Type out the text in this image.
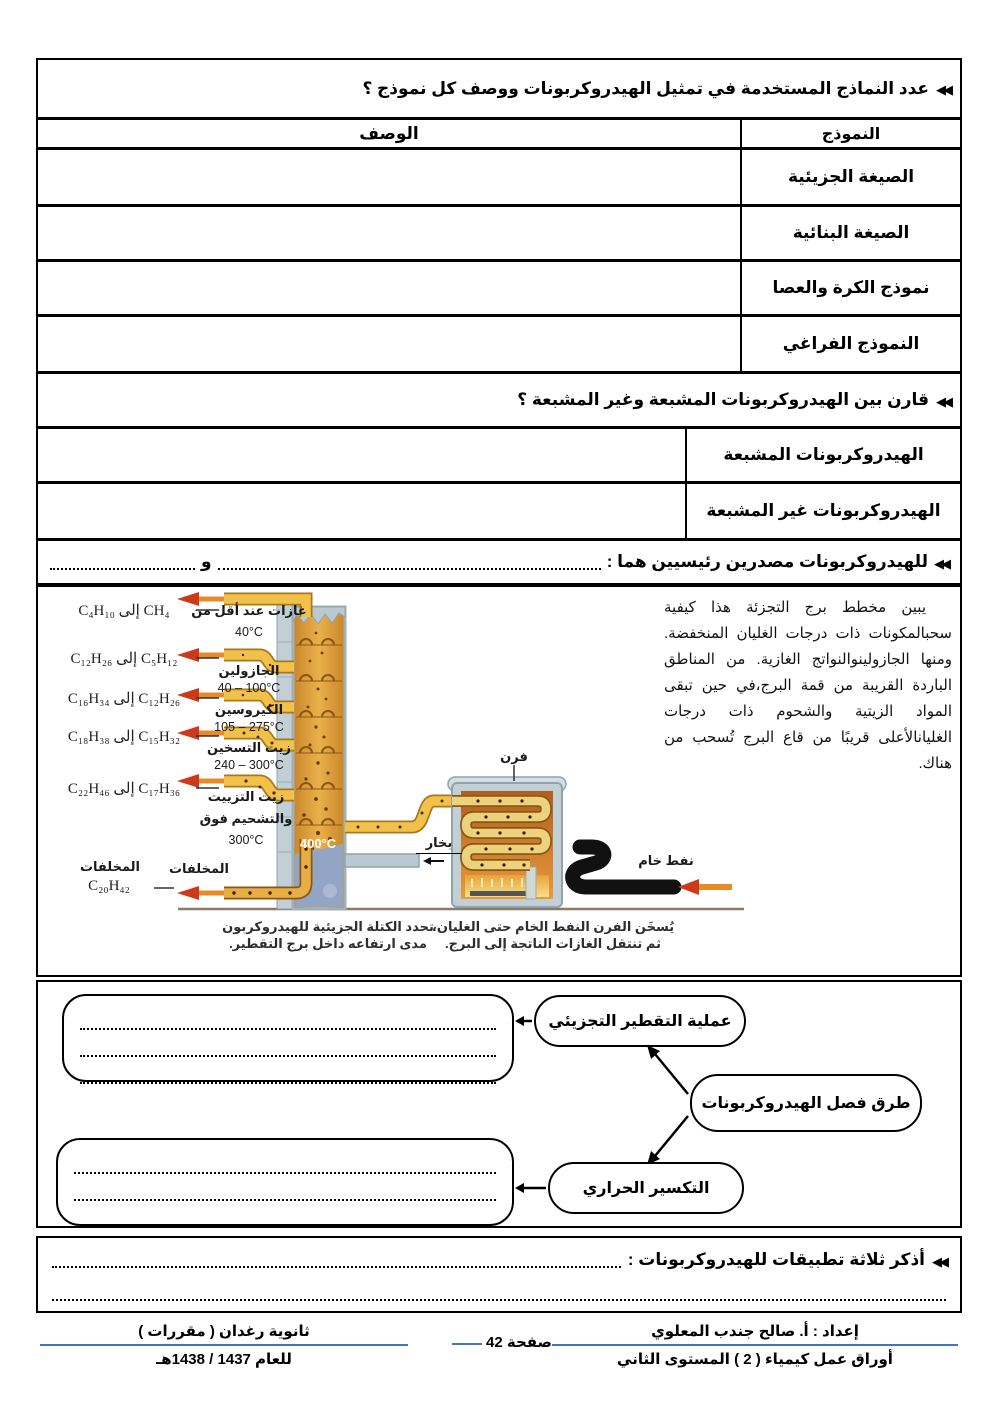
◀◀
عدد النماذج المستخدمة في تمثيل الهيدروكربونات ووصف كل نموذج ؟
النموذج
الوصف
الصيغة الجزيئية
الصيغة البنائية
نموذج الكرة والعصا
النموذج الفراغي
◀◀
قارن بين الهيدروكربونات المشبعة وغير المشبعة ؟
الهيدروكربونات المشبعة
الهيدروكربونات غير المشبعة
◀◀
للهيدروكربونات مصدرين رئيسيين هما :
و
يبين مخطط برج التجزئة هذا كيفية سحبالمكونات ذات درجات الغليان المنخفضة. ومنها الجازولينوالنواتج الغازية. من المناطق الباردة القريبة من قمة البرج،في حين تبقى المواد الزيتية والشحوم ذات درجات الغليانالأعلى قريبًا من قاع البرج تُسحب من هناك.
CH₄ إلى C₄H₁₀
C₅H₁₂ إلى C₁₂H₂₆
C₁₂H₂₆ إلى C₁₆H₃₄
C₁₅H₃₂ إلى C₁₈H₃₈
C₁₇H₃₆ إلى C₂₂H₄₆
غازات عند أقل من
40°C
الجازولين
40 – 100°C
الكيروسين
105 – 275°C
زيت التسخين
240 – 300°C
زيت التزييت
والتشحيم فوق
300°C
المخلفات
C₂₀H₄₂
المخلفات
400°C	بخار
فرن
نفط خام
تحدد الكتلة الجزيئية للهيدروكربون
مدى ارتفاعه داخل برج التقطير.
يُسخَن الفرن النفط الخام حتى الغليان،
ثم تنتقل الغازات الناتجة إلى البرج.
عملية التقطير التجزيئي
طرق فصل الهيدروكربونات
التكسير الحراري
◀◀
أذكر ثلاثة تطبيقات للهيدروكربونات :
إعداد : أ. صالح جندب المعلوي
أوراق عمل كيمياء ( 2 ) المستوى الثاني
صفحة 42
ثانوية رغدان ( مقررات )
للعام 1437 / 1438هـ
